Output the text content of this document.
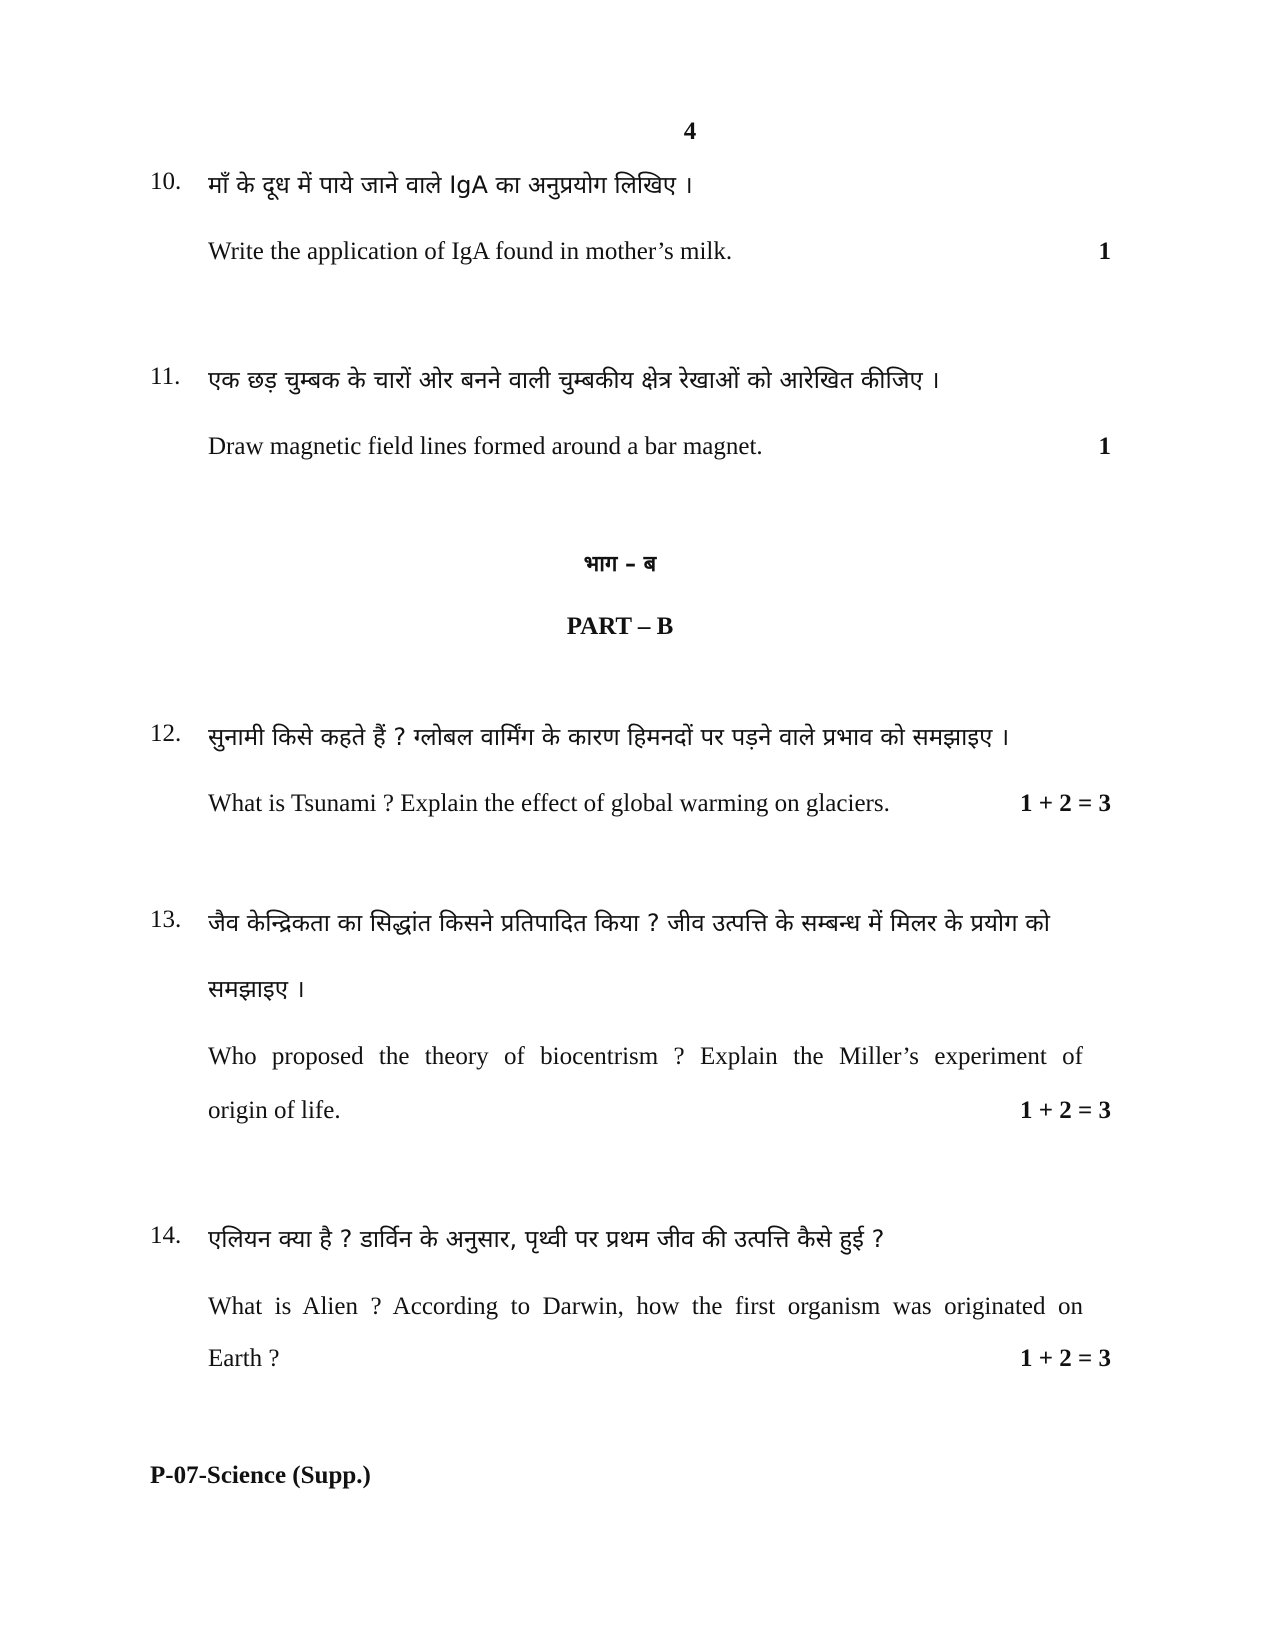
4
10. माँ के दूध में पाये जाने वाले IgA का अनुप्रयोग लिखिए ।
Write the application of IgA found in mother’s milk.	1
11. एक छड़ चुम्बक के चारों ओर बनने वाली चुम्बकीय क्षेत्र रेखाओं को आरेखित कीजिए ।
Draw magnetic field lines formed around a bar magnet.	1
भाग – ब
PART – B
12. सुनामी किसे कहते हैं ? ग्लोबल वार्मिंग के कारण हिमनदों पर पड़ने वाले प्रभाव को समझाइए ।
What is Tsunami ? Explain the effect of global warming on glaciers.	1 + 2 = 3
13. जैव केन्द्रिकता का सिद्धांत किसने प्रतिपादित किया ? जीव उत्पत्ति के सम्बन्ध में मिलर के प्रयोग को
समझाइए ।
Who proposed the theory of biocentrism ? Explain the Miller’s experiment of
origin of life.	1 + 2 = 3
14. एलियन क्या है ? डार्विन के अनुसार, पृथ्वी पर प्रथम जीव की उत्पत्ति कैसे हुई ?
What is Alien ? According to Darwin, how the first organism was originated on
Earth ?	1 + 2 = 3
P-07-Science (Supp.)
